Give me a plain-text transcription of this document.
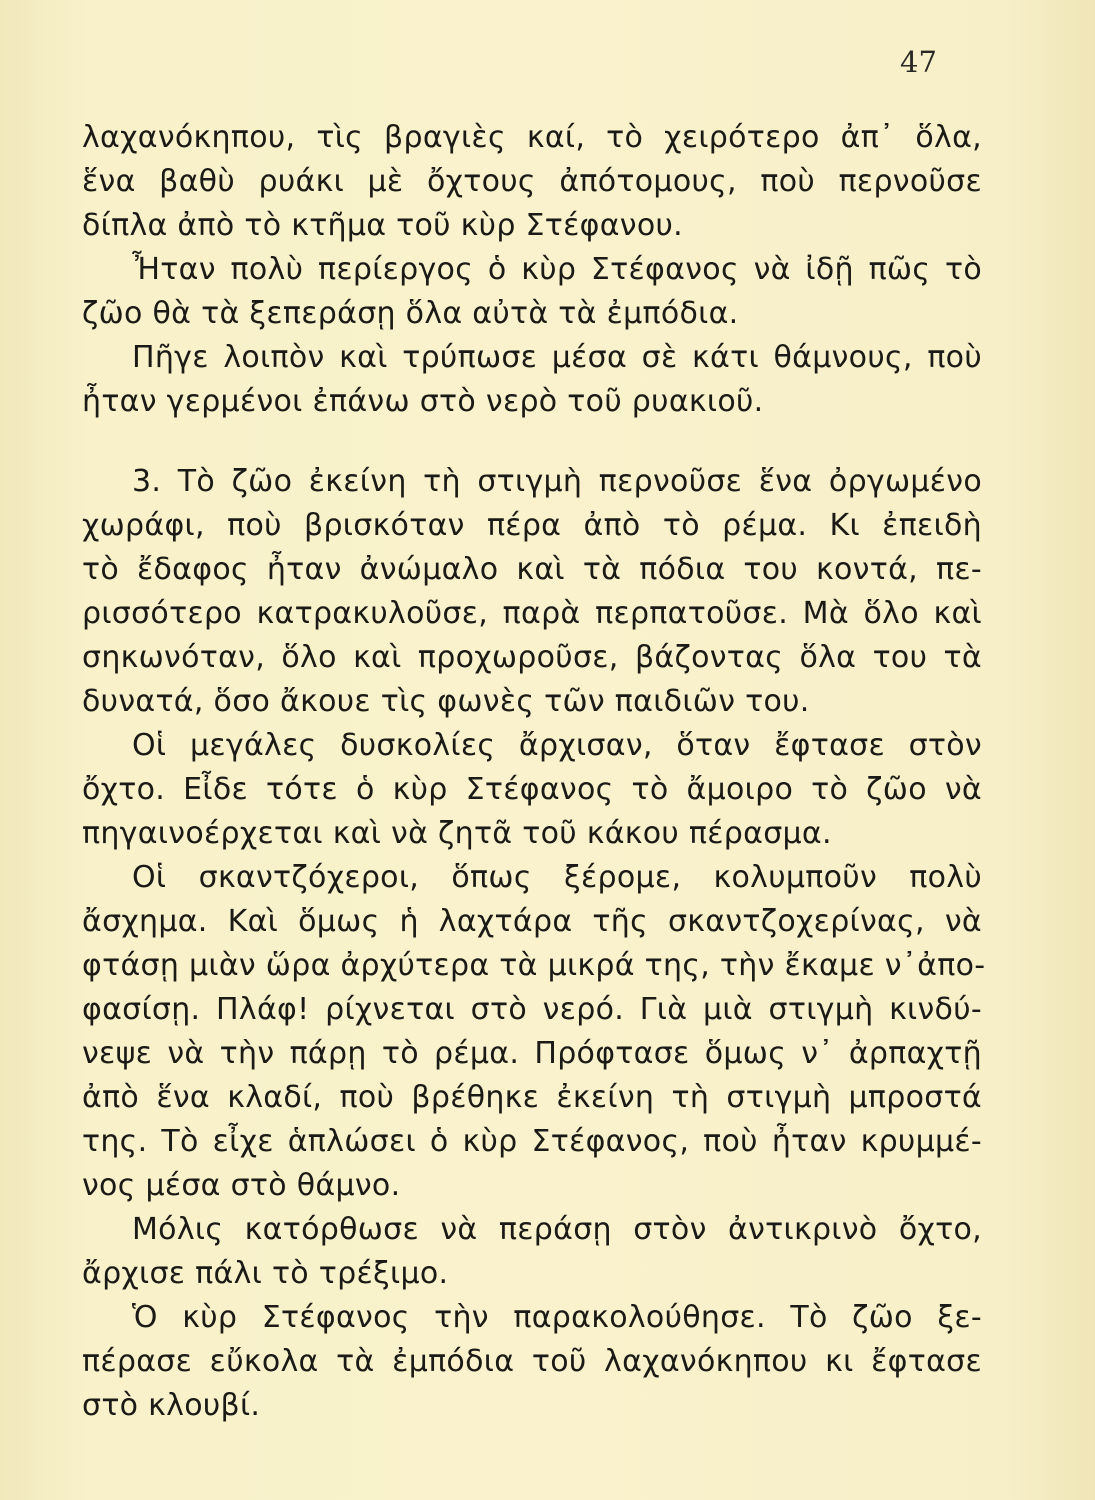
47
λαχανόκηπου, τὶς βραγιὲς καί, τὸ χειρότερο ἀπ᾽ ὅλα,
ἕνα βαθὺ ρυάκι μὲ ὄχτους ἀπότομους, ποὺ περνοῦσε
δίπλα ἀπὸ τὸ κτῆμα τοῦ κὺρ Στέφανου.
Ἦταν πολὺ περίεργος ὁ κὺρ Στέφανος νὰ ἰδῇ πῶς τὸ
ζῶο θὰ τὰ ξεπεράσῃ ὅλα αὐτὰ τὰ ἐμπόδια.
Πῆγε λοιπὸν καὶ τρύπωσε μέσα σὲ κάτι θάμνους, ποὺ
ἦταν γερμένοι ἐπάνω στὸ νερὸ τοῦ ρυακιοῦ.
3. Τὸ ζῶο ἐκείνη τὴ στιγμὴ περνοῦσε ἕνα ὀργωμένο
χωράφι, ποὺ βρισκόταν πέρα ἀπὸ τὸ ρέμα. Κι ἐπειδὴ
τὸ ἔδαφος ἦταν ἀνώμαλο καὶ τὰ πόδια του κοντά, πε-
ρισσότερο κατρακυλοῦσε, παρὰ περπατοῦσε. Μὰ ὅλο καὶ
σηκωνόταν, ὅλο καὶ προχωροῦσε, βάζοντας ὅλα του τὰ
δυνατά, ὅσο ἄκουε τὶς φωνὲς τῶν παιδιῶν του.
Οἱ μεγάλες δυσκολίες ἄρχισαν, ὅταν ἔφτασε στὸν
ὄχτο. Εἶδε τότε ὁ κὺρ Στέφανος τὸ ἄμοιρο τὸ ζῶο νὰ
πηγαινοέρχεται καὶ νὰ ζητᾶ τοῦ κάκου πέρασμα.
Οἱ σκαντζόχεροι, ὅπως ξέρομε, κολυμποῦν πολὺ
ἄσχημα. Καὶ ὅμως ἡ λαχτάρα τῆς σκαντζοχερίνας, νὰ
φτάσῃ μιὰν ὥρα ἀρχύτερα τὰ μικρά της, τὴν ἔκαμε ν᾽ἀπο-
φασίσῃ. Πλάφ! ρίχνεται στὸ νερό. Γιὰ μιὰ στιγμὴ κινδύ-
νεψε νὰ τὴν πάρῃ τὸ ρέμα. Πρόφτασε ὅμως ν᾽ ἀρπαχτῇ
ἀπὸ ἕνα κλαδί, ποὺ βρέθηκε ἐκείνη τὴ στιγμὴ μπροστά
της. Τὸ εἶχε ἁπλώσει ὁ κὺρ Στέφανος, ποὺ ἦταν κρυμμέ-
νος μέσα στὸ θάμνο.
Μόλις κατόρθωσε νὰ περάσῃ στὸν ἀντικρινὸ ὄχτο,
ἄρχισε πάλι τὸ τρέξιμο.
Ὁ κὺρ Στέφανος τὴν παρακολούθησε. Τὸ ζῶο ξε-
πέρασε εὔκολα τὰ ἐμπόδια τοῦ λαχανόκηπου κι ἔφτασε
στὸ κλουβί.
